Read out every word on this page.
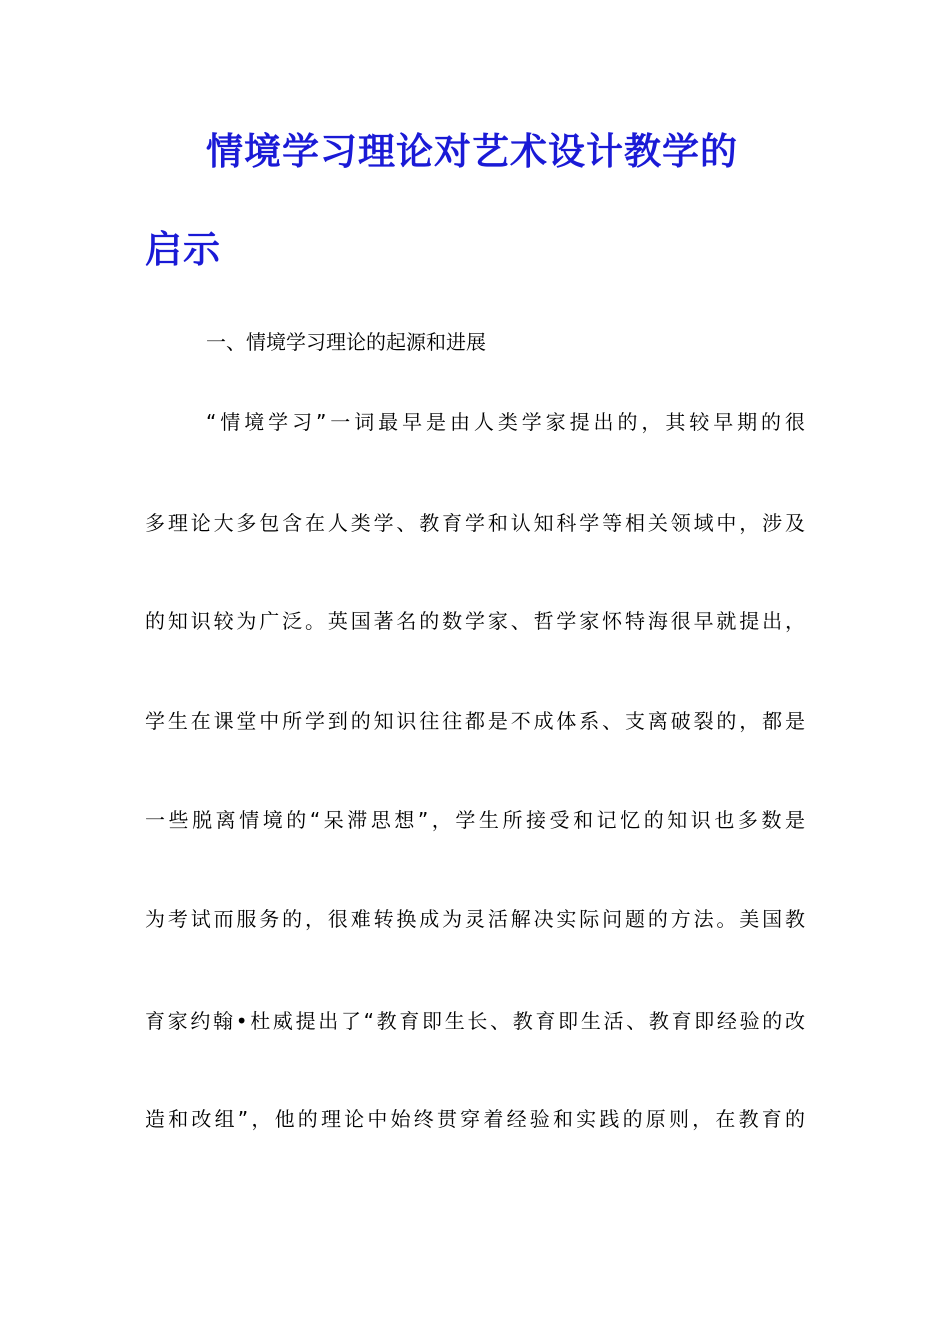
情境学习理论对艺术设计教学的
启示
一、情境学习理论的起源和进展
“情境学习”一词最早是由人类学家提出的，其较早期的很
多理论大多包含在人类学、教育学和认知科学等相关领域中，涉及
的知识较为广泛。英国著名的数学家、哲学家怀特海很早就提出，
学生在课堂中所学到的知识往往都是不成体系、支离破裂的，都是
一些脱离情境的“呆滞思想”，学生所接受和记忆的知识也多数是
为考试而服务的，很难转换成为灵活解决实际问题的方法。美国教
育家约翰•杜威提出了“教育即生长、教育即生活、教育即经验的改
造和改组”，他的理论中始终贯穿着经验和实践的原则，在教育的
